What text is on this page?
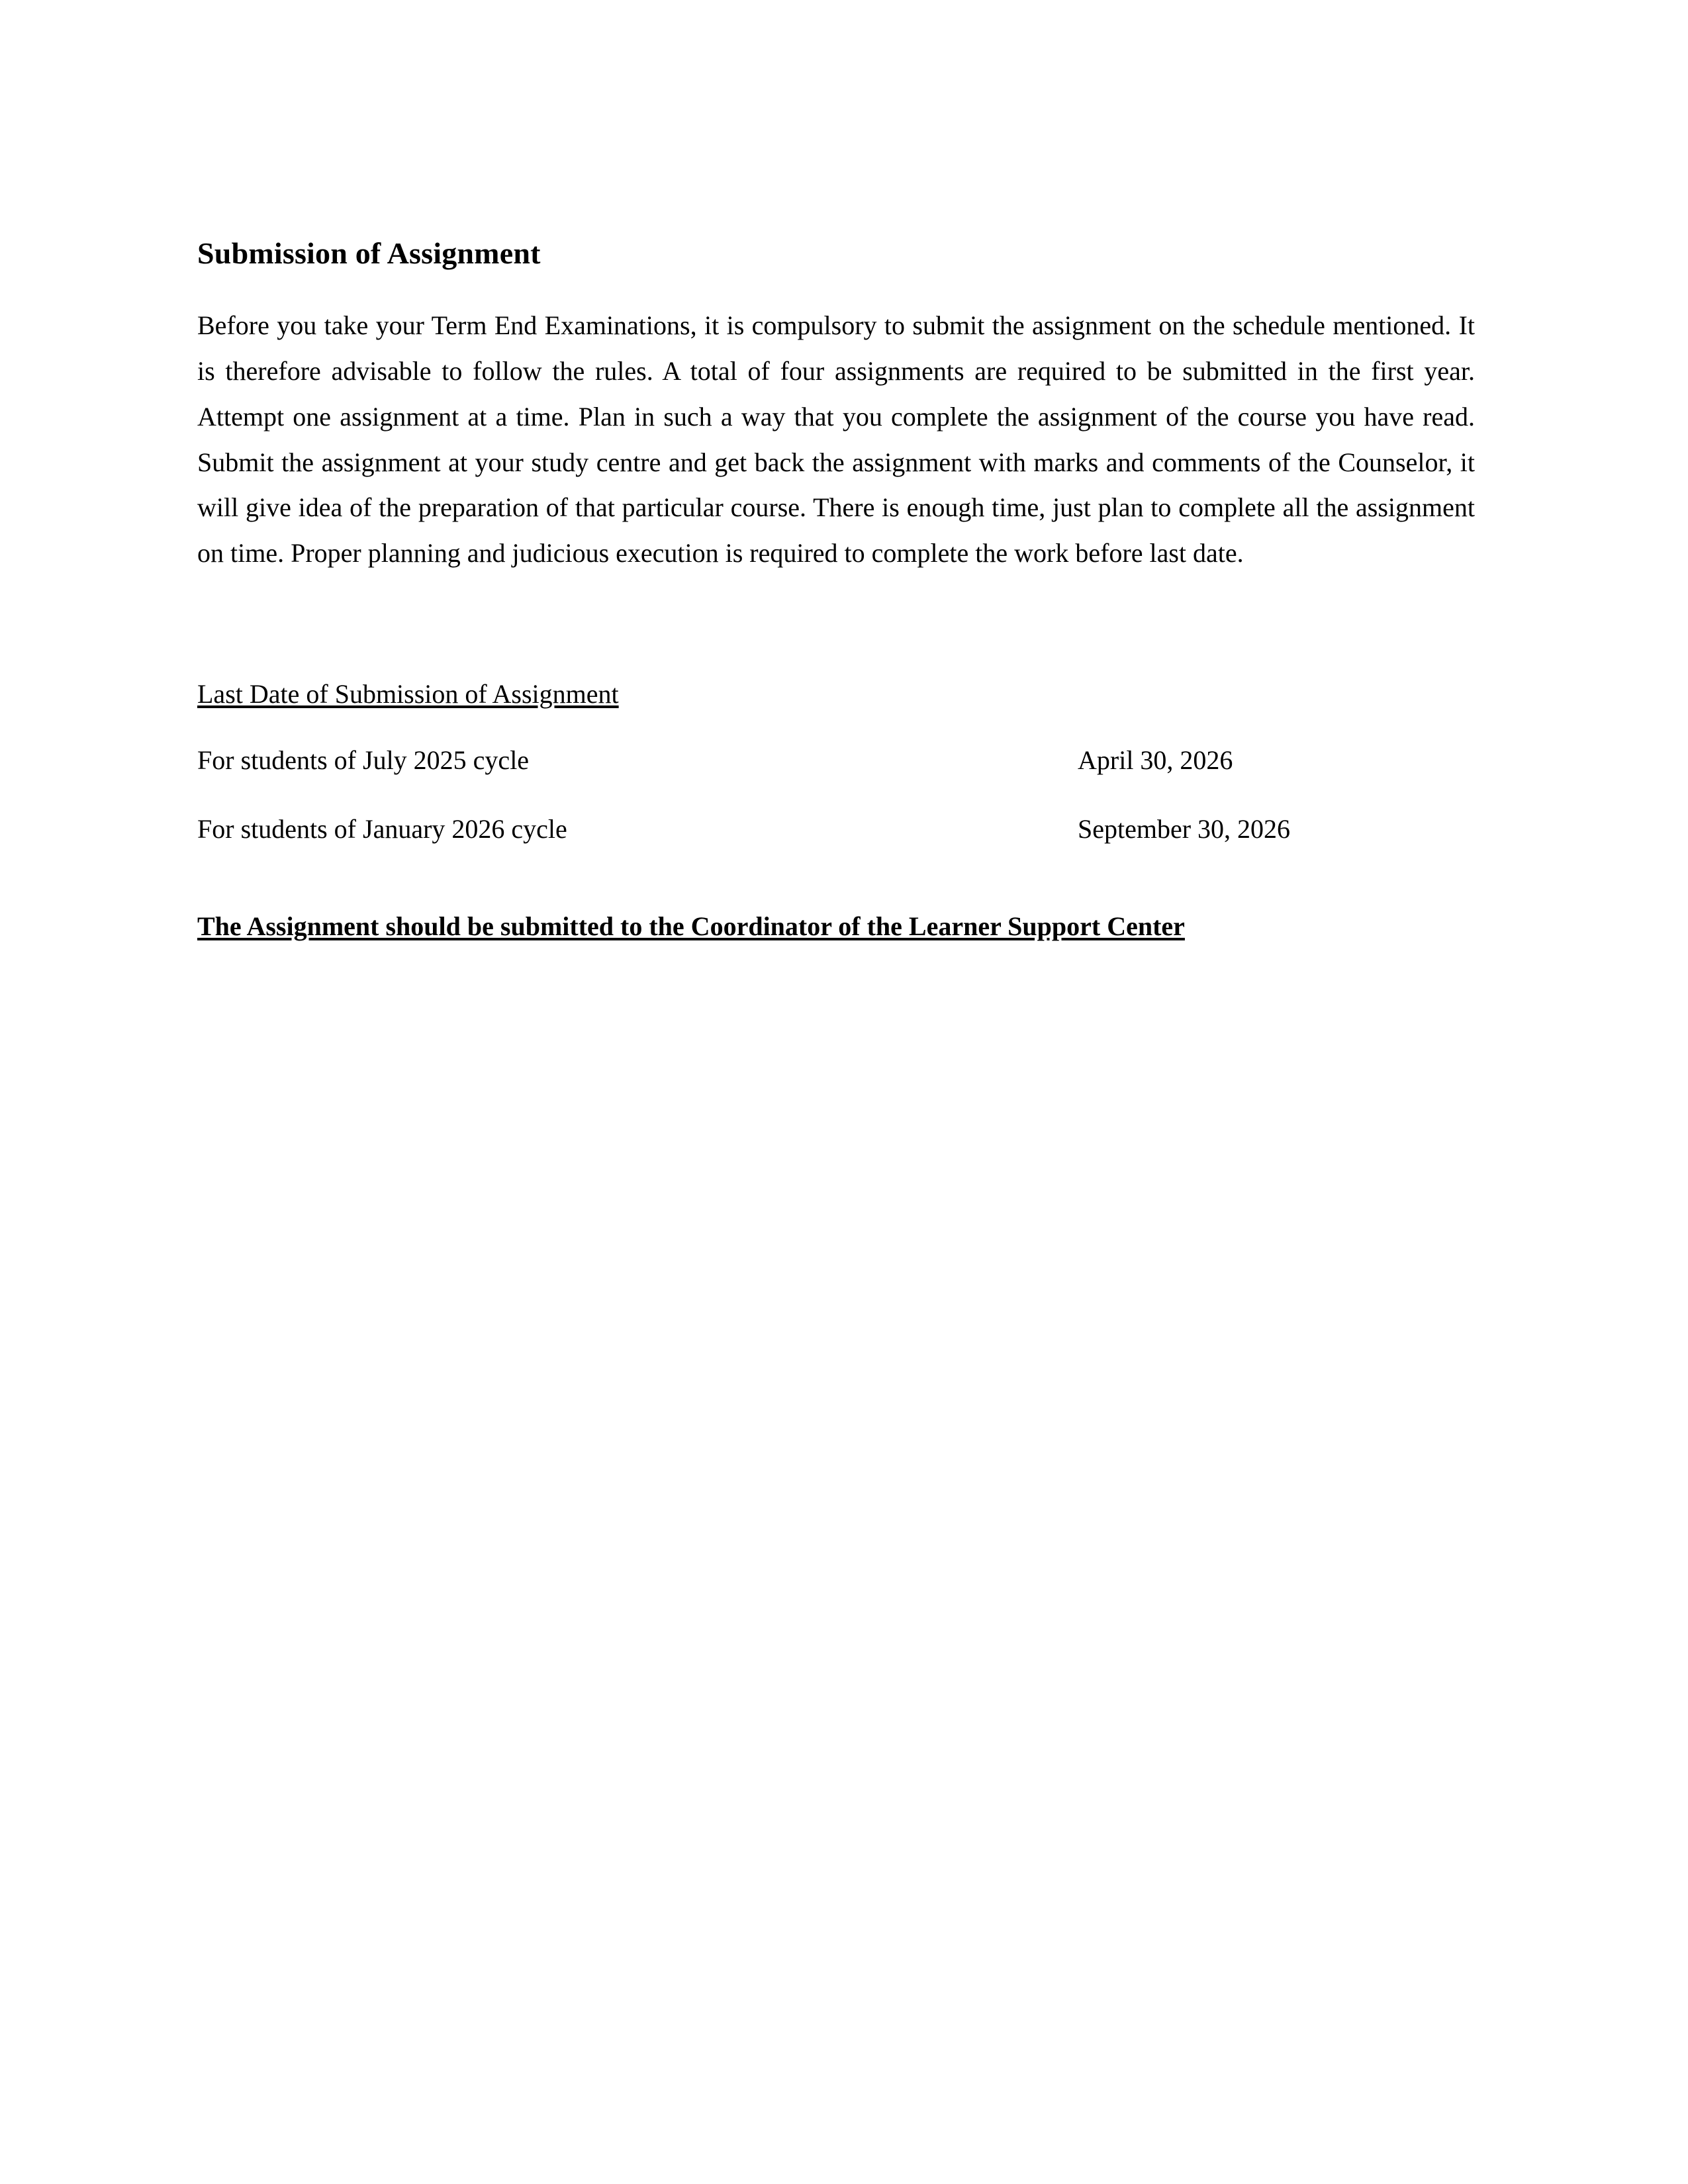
Submission of Assignment

Before you take your Term End Examinations, it is compulsory to submit the assignment on the schedule mentioned. It is therefore advisable to follow the rules. A total of four assignments are required to be submitted in the first year. Attempt one assignment at a time. Plan in such a way that you complete the assignment of the course you have read. Submit the assignment at your study centre and get back the assignment with marks and comments of the Counselor, it will give idea of the preparation of that particular course. There is enough time, just plan to complete all the assignment on time. Proper planning and judicious execution is required to complete the work before last date.

Last Date of Submission of Assignment
For students of July 2025 cycle	April 30, 2026
For students of January 2026 cycle	September 30, 2026

The Assignment should be submitted to the Coordinator of the Learner Support Center
